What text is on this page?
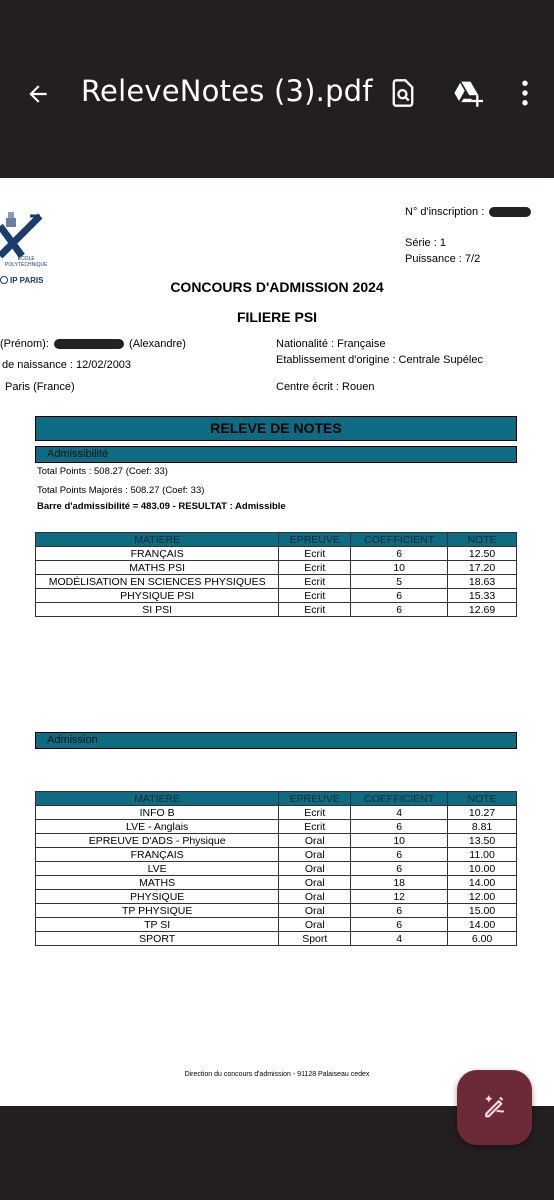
ReleveNotes (3).pdf
ÉCOLE
POLYTECHNIQUE
IP PARIS
N° d'inscription :
Série : 1
Puissance : 7/2
CONCOURS D'ADMISSION 2024
FILIERE PSI
(Prénom):	(Alexandre)
de naissance : 12/02/2003
Paris (France)
Nationalité : Française
Etablissement d'origine : Centrale Supélec
Centre écrit : Rouen
RELEVE DE NOTES
Admissibilité
Total Points : 508.27 (Coef: 33)
Total Points Majorés : 508.27 (Coef: 33)
Barre d'admissibilité = 483.09 - RESULTAT : Admissible
MATIERE	EPREUVE	COEFFICIENT	NOTE
FRANÇAIS	Ecrit	6	12.50
MATHS PSI	Ecrit	10	17.20
MODÉLISATION EN SCIENCES PHYSIQUES	Ecrit	5	18.63
PHYSIQUE PSI	Ecrit	6	15.33
SI PSI	Ecrit	6	12.69
Admission
MATIERE	EPREUVE	COEFFICIENT	NOTE
INFO B	Ecrit	4	10.27
LVE - Anglais	Ecrit	6	8.81
EPREUVE D'ADS - Physique	Oral	10	13.50
FRANÇAIS	Oral	6	11.00
LVE	Oral	6	10.00
MATHS	Oral	18	14.00
PHYSIQUE	Oral	12	12.00
TP PHYSIQUE	Oral	6	15.00
TP SI	Oral	6	14.00
SPORT	Sport	4	6.00
Direction du concours d'admission - 91128 Palaiseau cedex
